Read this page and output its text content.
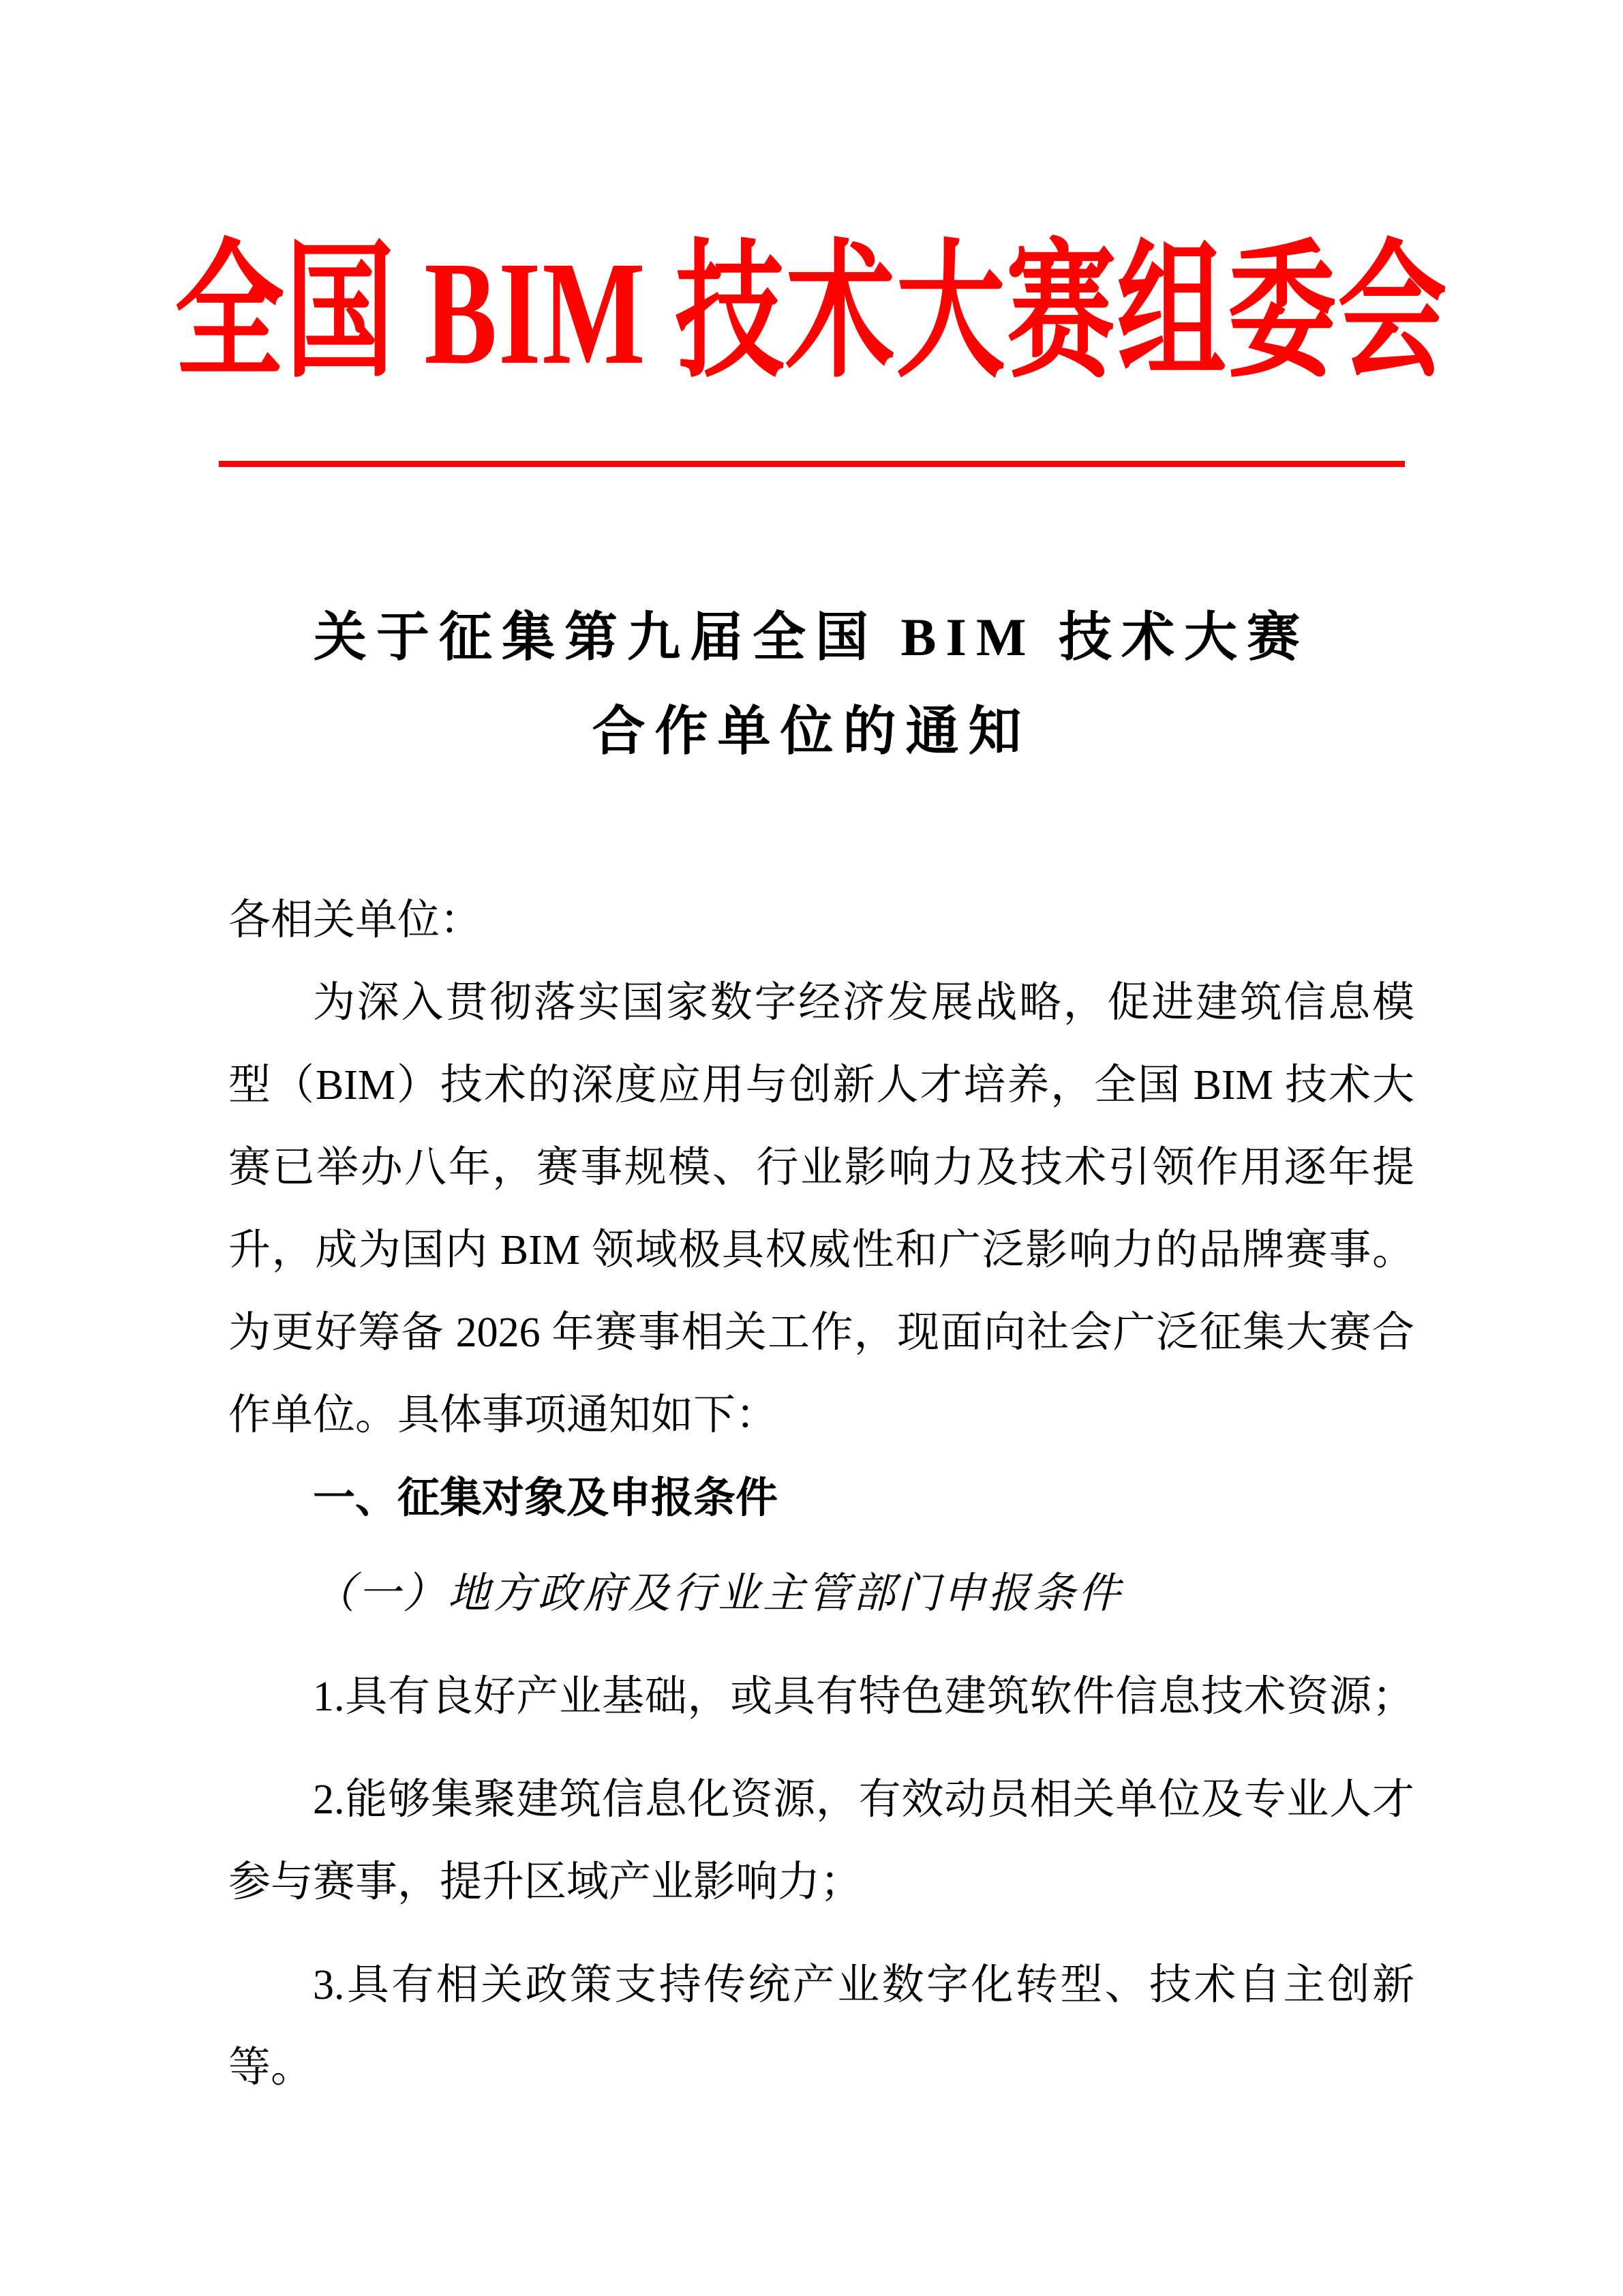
全国 BIM 技术大赛组委会
关于征集第九届全国 BIM 技术大赛
合作单位的通知
各相关单位：
为深入贯彻落实国家数字经济发展战略，促进建筑信息模
型（BIM）技术的深度应用与创新人才培养，全国 BIM 技术大
赛已举办八年，赛事规模、行业影响力及技术引领作用逐年提
升，成为国内 BIM 领域极具权威性和广泛影响力的品牌赛事。
为更好筹备 2026 年赛事相关工作，现面向社会广泛征集大赛合
作单位。具体事项通知如下：
一、征集对象及申报条件
（一）地方政府及行业主管部门申报条件
1.具有良好产业基础，或具有特色建筑软件信息技术资源；
2.能够集聚建筑信息化资源，有效动员相关单位及专业人才
参与赛事，提升区域产业影响力；
3.具有相关政策支持传统产业数字化转型、技术自主创新
等。
